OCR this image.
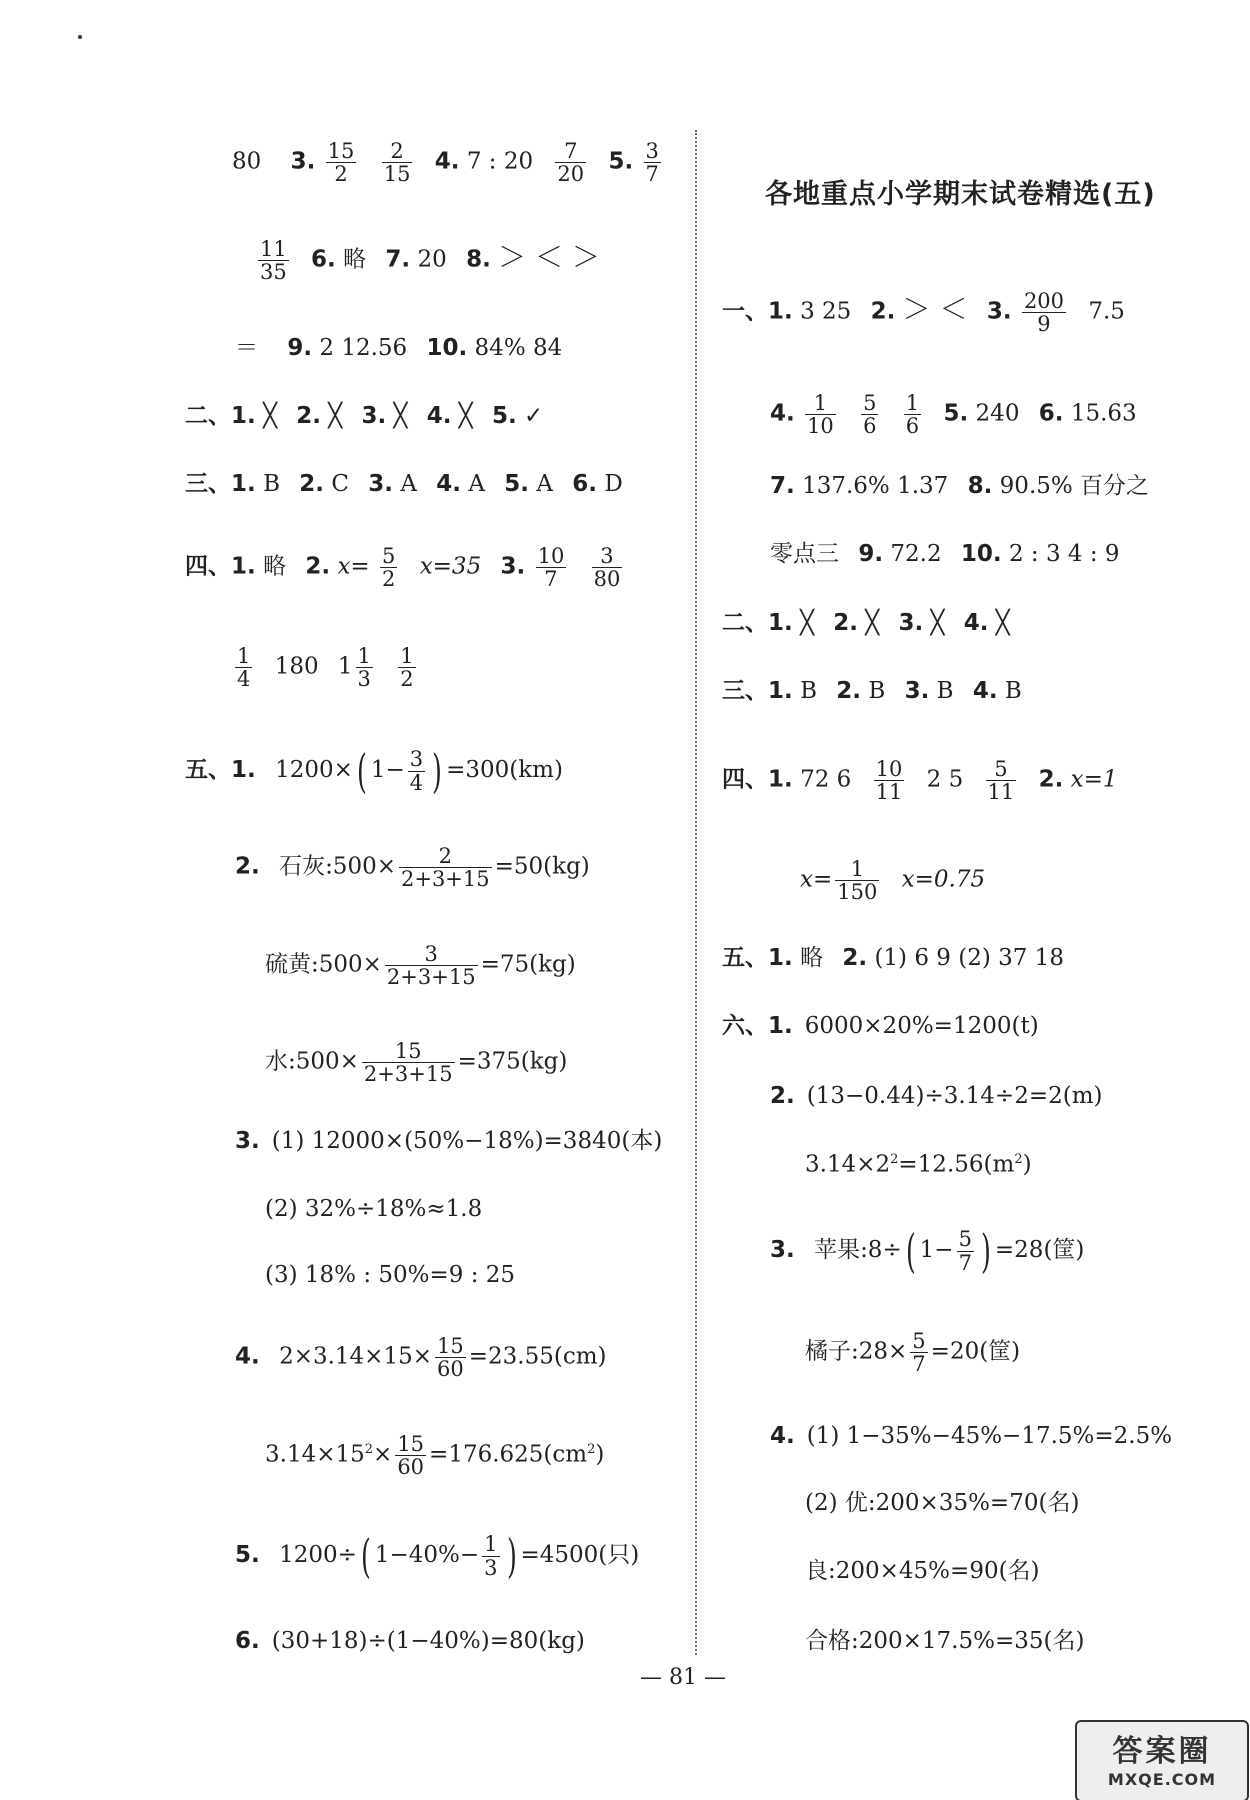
80 3. $\frac{15}{2}$
$\frac{2}{15} 4$. 7 : $20 \frac{7}{20} 5$. $\frac{3}{7}$
$\frac{11}{35} 6$. 略 7. 20 8. ＞ ＜ ＞
＝ 9. 2 12.56 10. 84% 84
二、1. ╳ 2. ╳ 3. ╳ 4. ╳ 5. ✓
三、1. B 2. C 3. A 4. A 5. A 6. D
四、1. 略 2. $x= \frac{5}{2} x=35$ 3. $\frac{10}{7}$
$\frac{3}{80}$
$\frac{1}{4} 180$ $1 \frac{1}{3}$
$\frac{1}{2}$
五、1. 1200×( $1- \frac{3}{4}$ ) =300(km)
2. 石灰:500× $\frac{2}{2+3+15} =50(kg)$
硫黄:500× $\frac{3}{2+3+15} =75(kg)$
水:500× $\frac{15}{2+3+15} =375(kg)$
3. (1) 12000×(50%−18%)=3840(本)
(2) 32%÷18%≈1.8
(3) 18% : 50%=9 : 25
4. $2\times 3.14\times 15\times \frac{15}{60} =23.55(cm)$
$3.14\times 15^2\times \frac{15}{60} =176.625(cm^2)$
5. 1200÷( $1-40\%- \frac{1}{3}$ ) =4500(只)
6. (30+18)÷(1−40%)=80(kg)
各地重点小学期末试卷精选(五)
一、1. 3 25 2. ＞ ＜ 3. $\frac{200}{9} 7.5$
4. $\frac{1}{10}$
$\frac{5}{6}$
$\frac{1}{6} 5$. 240 6. 15.63
7. 137.6% 1.37 8. 90.5% 百分之
零点三 9. 72.2 10. 2 : 3 4 : 9
二、1. ╳ 2. ╳ 3. ╳ 4. ╳
三、1. B 2. B 3. B 4. B
四、1. 72 $6 \frac{10}{11} 2$ $5 \frac{5}{11} 2$. x=1
$x= \frac{1}{150} x=0.75$
五、1. 略 2. (1) 6 9 (2) 37 18
六、1. 6000×20%=1200(t)
2. (13−0.44)÷3.14÷2=2(m)
$3.14\times 2^2=12.56(m^2)$
3. 苹果:8÷( $1- \frac{5}{7}$ ) =28(筐)
橘子:28× $\frac{5}{7} =20$(筐)
4. (1) 1−35%−45%−17.5%=2.5%
(2) 优:200×35%=70(名)
良:200×45%=90(名)
合格:200×17.5%=35(名)
— 81 —
答案圈
MXQE.COM
